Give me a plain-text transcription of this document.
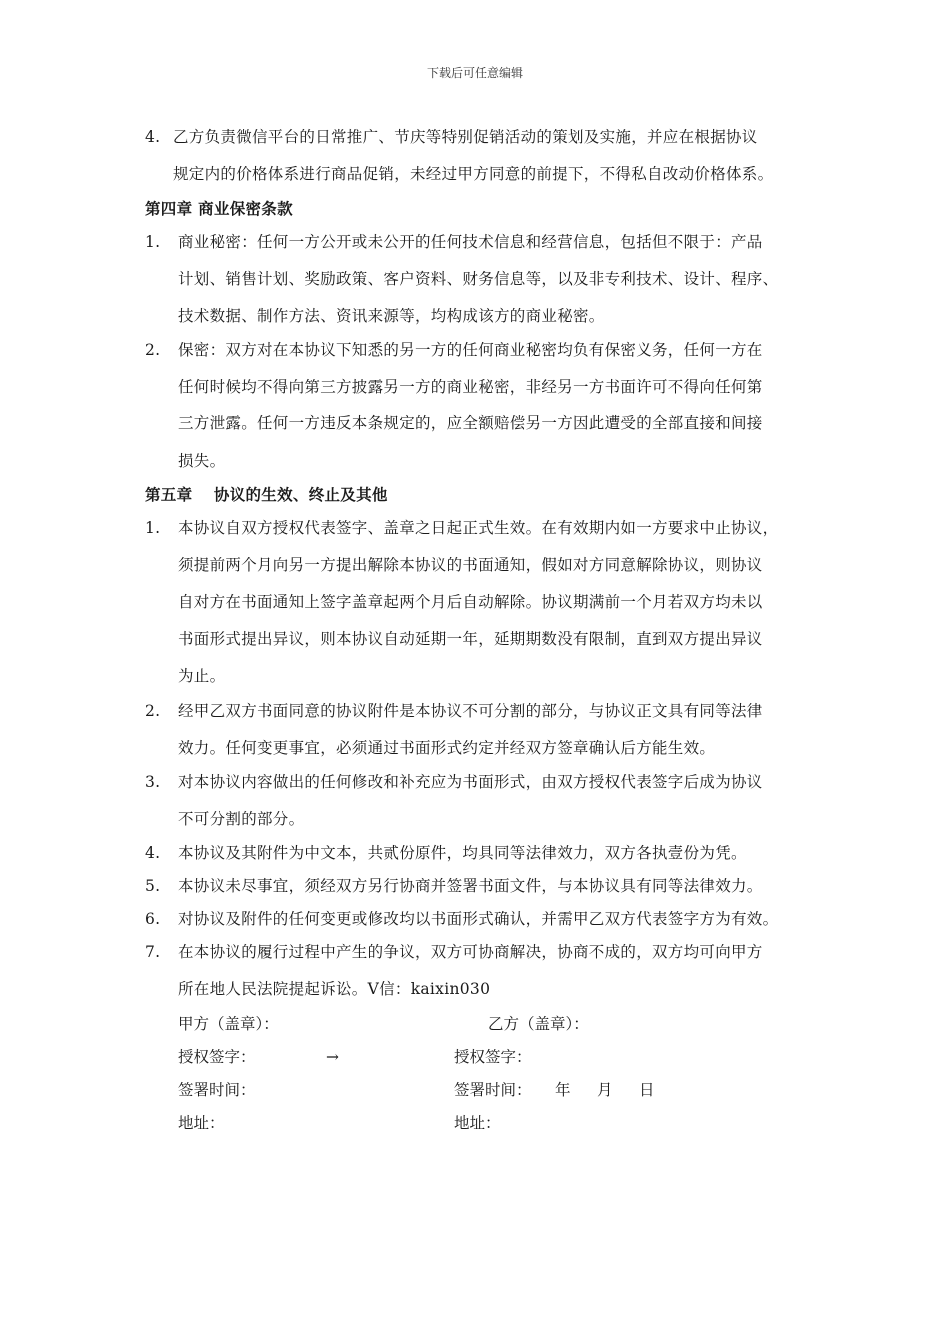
下载后可任意编辑
4. 乙方负责微信平台的日常推广、节庆等特别促销活动的策划及实施，并应在根据协议
规定内的价格体系进行商品促销，未经过甲方同意的前提下，不得私自改动价格体系。
第四章 商业保密条款
1. 商业秘密：任何一方公开或未公开的任何技术信息和经营信息，包括但不限于：产品
计划、销售计划、奖励政策、客户资料、财务信息等，以及非专利技术、设计、程序、
技术数据、制作方法、资讯来源等，均构成该方的商业秘密。
2. 保密：双方对在本协议下知悉的另一方的任何商业秘密均负有保密义务，任何一方在
任何时候均不得向第三方披露另一方的商业秘密，非经另一方书面许可不得向任何第
三方泄露。任何一方违反本条规定的，应全额赔偿另一方因此遭受的全部直接和间接
损失。
第五章　 协议的生效、终止及其他
1. 本协议自双方授权代表签字、盖章之日起正式生效。在有效期内如一方要求中止协议，
须提前两个月向另一方提出解除本协议的书面通知，假如对方同意解除协议，则协议
自对方在书面通知上签字盖章起两个月后自动解除。协议期满前一个月若双方均未以
书面形式提出异议，则本协议自动延期一年，延期期数没有限制，直到双方提出异议
为止。
2. 经甲乙双方书面同意的协议附件是本协议不可分割的部分，与协议正文具有同等法律
效力。任何变更事宜，必须通过书面形式约定并经双方签章确认后方能生效。
3. 对本协议内容做出的任何修改和补充应为书面形式，由双方授权代表签字后成为协议
不可分割的部分。
4. 本协议及其附件为中文本，共贰份原件，均具同等法律效力，双方各执壹份为凭。
5. 本协议未尽事宜，须经双方另行协商并签署书面文件，与本协议具有同等法律效力。
6. 对协议及附件的任何变更或修改均以书面形式确认，并需甲乙双方代表签字方为有效。
7. 在本协议的履行过程中产生的争议，双方可协商解决，协商不成的，双方均可向甲方
所在地人民法院提起诉讼。V信：kaixin030
甲方（盖章）：	乙方（盖章）：
授权签字：	→	授权签字：
签署时间：	签署时间： 年 月 日
地址：	地址：
